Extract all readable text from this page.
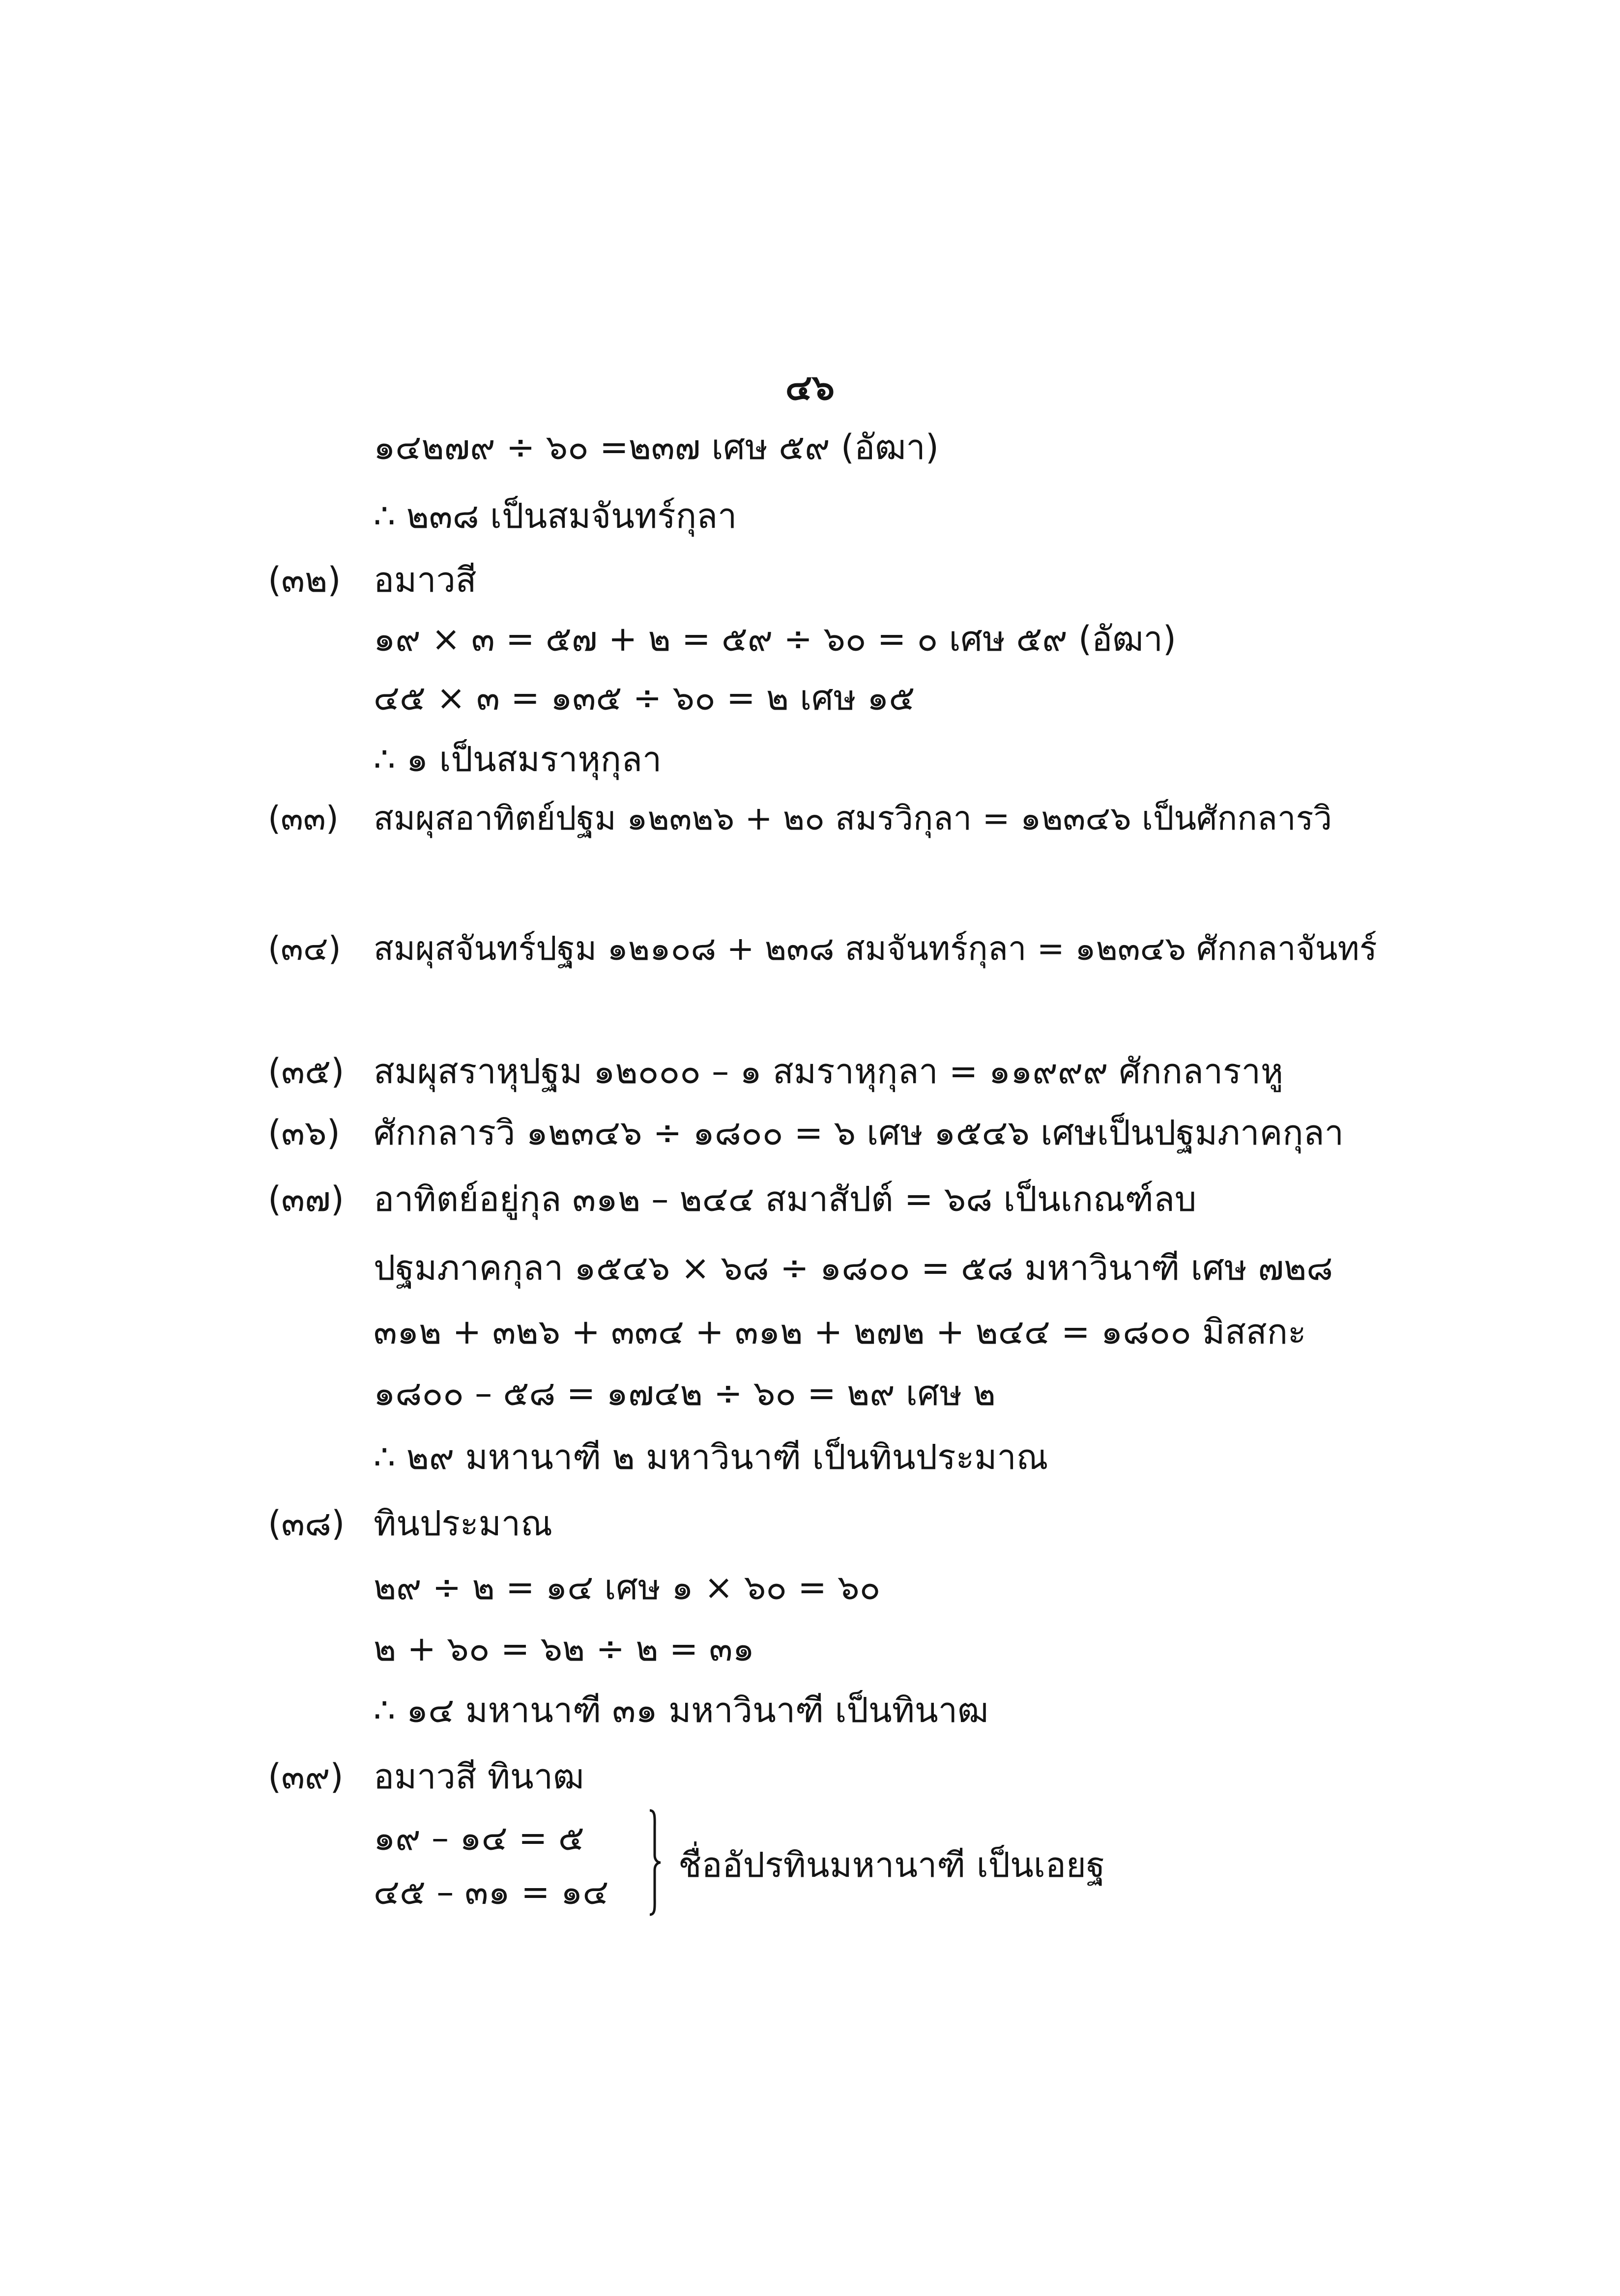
๔๖
๑๔๒๗๙ ÷ ๖๐ =๒๓๗ เศษ ๕๙ (อัฒา)
∴ ๒๓๘ เป็นสมจันทร์กุลา
(๓๒) อมาวสี
๑๙ × ๓ = ๕๗ + ๒ = ๕๙ ÷ ๖๐ = ๐ เศษ ๕๙ (อัฒา)
๔๕ × ๓ = ๑๓๕ ÷ ๖๐ = ๒ เศษ ๑๕
∴ ๑ เป็นสมราหุกุลา
(๓๓) สมผุสอาทิตย์ปฐม ๑๒๓๒๖ + ๒๐ สมรวิกุลา = ๑๒๓๔๖ เป็นศักกลารวิ
(๓๔) สมผุสจันทร์ปฐม ๑๒๑๐๘ + ๒๓๘ สมจันทร์กุลา = ๑๒๓๔๖ ศักกลาจันทร์
(๓๕) สมผุสราหุปฐม ๑๒๐๐๐ – ๑ สมราหุกุลา = ๑๑๙๙๙ ศักกลาราหู
(๓๖) ศักกลารวิ ๑๒๓๔๖ ÷ ๑๘๐๐ = ๖ เศษ ๑๕๔๖ เศษเป็นปฐมภาคกุลา
(๓๗) อาทิตย์อยู่กุล ๓๑๒ – ๒๔๔ สมาสัปต์ = ๖๘ เป็นเกณฑ์ลบ
ปฐมภาคกุลา ๑๕๔๖ × ๖๘ ÷ ๑๘๐๐ = ๕๘ มหาวินาฑี เศษ ๗๒๘
๓๑๒ + ๓๒๖ + ๓๓๔ + ๓๑๒ + ๒๗๒ + ๒๔๔ = ๑๘๐๐ มิสสกะ
๑๘๐๐ – ๕๘ = ๑๗๔๒ ÷ ๖๐ = ๒๙ เศษ ๒
∴ ๒๙ มหานาฑี ๒ มหาวินาฑี เป็นทินประมาณ
(๓๘) ทินประมาณ
๒๙ ÷ ๒ = ๑๔ เศษ ๑ × ๖๐ = ๖๐
๒ + ๖๐ = ๖๒ ÷ ๒ = ๓๑
∴ ๑๔ มหานาฑี ๓๑ มหาวินาฑี เป็นทินาฒ
(๓๙) อมาวสี ทินาฒ
๑๙ – ๑๔ = ๕
๔๕ – ๓๑ = ๑๔
ชื่ออัปรทินมหานาฑี เป็นเอยฐ
